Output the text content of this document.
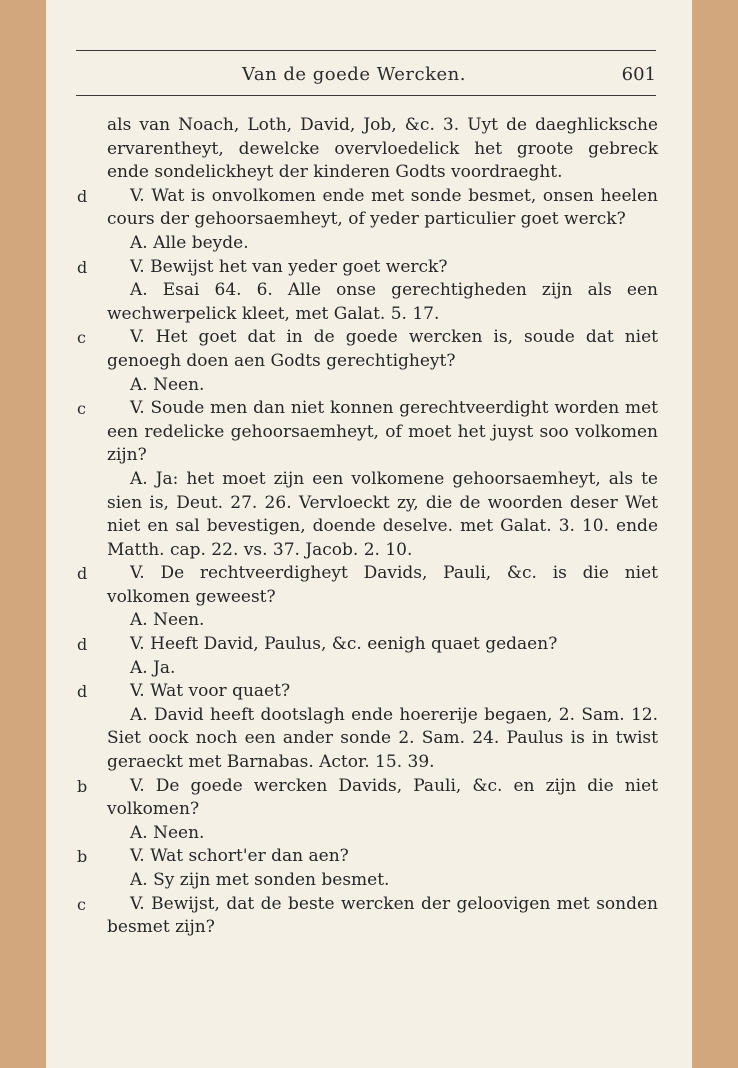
Van de goede Wercken.	601
als van Noach, Loth, David, Job, &c. 3. Uyt de daeghlicksche ervarentheyt, dewelcke overvloedelick het groote gebreck ende sondelickheyt der kinderen Godts voordraeght.
d	V. Wat is onvolkomen ende met sonde besmet, onsen heelen cours der gehoorsaemheyt, of yeder particulier goet werck?
A. Alle beyde.
d	V. Bewijst het van yeder goet werck?
A. Esai 64. 6. Alle onse gerechtigheden zijn als een wechwerpelick kleet, met Galat. 5. 17.
c	V. Het goet dat in de goede wercken is, soude dat niet genoegh doen aen Godts gerechtigheyt?
A. Neen.
c	V. Soude men dan niet konnen gerechtveerdight worden met een redelicke gehoorsaemheyt, of moet het juyst soo volkomen zijn?
A. Ja: het moet zijn een volkomene gehoorsaemheyt, als te sien is, Deut. 27. 26. Vervloeckt zy, die de woorden deser Wet niet en sal bevestigen, doende deselve. met Galat. 3. 10. ende Matth. cap. 22. vs. 37. Jacob. 2. 10.
d	V. De rechtveerdigheyt Davids, Pauli, &c. is die niet volkomen geweest?
A. Neen.
d	V. Heeft David, Paulus, &c. eenigh quaet gedaen?
A. Ja.
d	V. Wat voor quaet?
A. David heeft dootslagh ende hoererije begaen, 2. Sam. 12. Siet oock noch een ander sonde 2. Sam. 24. Paulus is in twist geraeckt met Barnabas. Actor. 15. 39.
b	V. De goede wercken Davids, Pauli, &c. en zijn die niet volkomen?
A. Neen.
b	V. Wat schort'er dan aen?
A. Sy zijn met sonden besmet.
c	V. Bewijst, dat de beste wercken der geloovigen met sonden besmet zijn?
